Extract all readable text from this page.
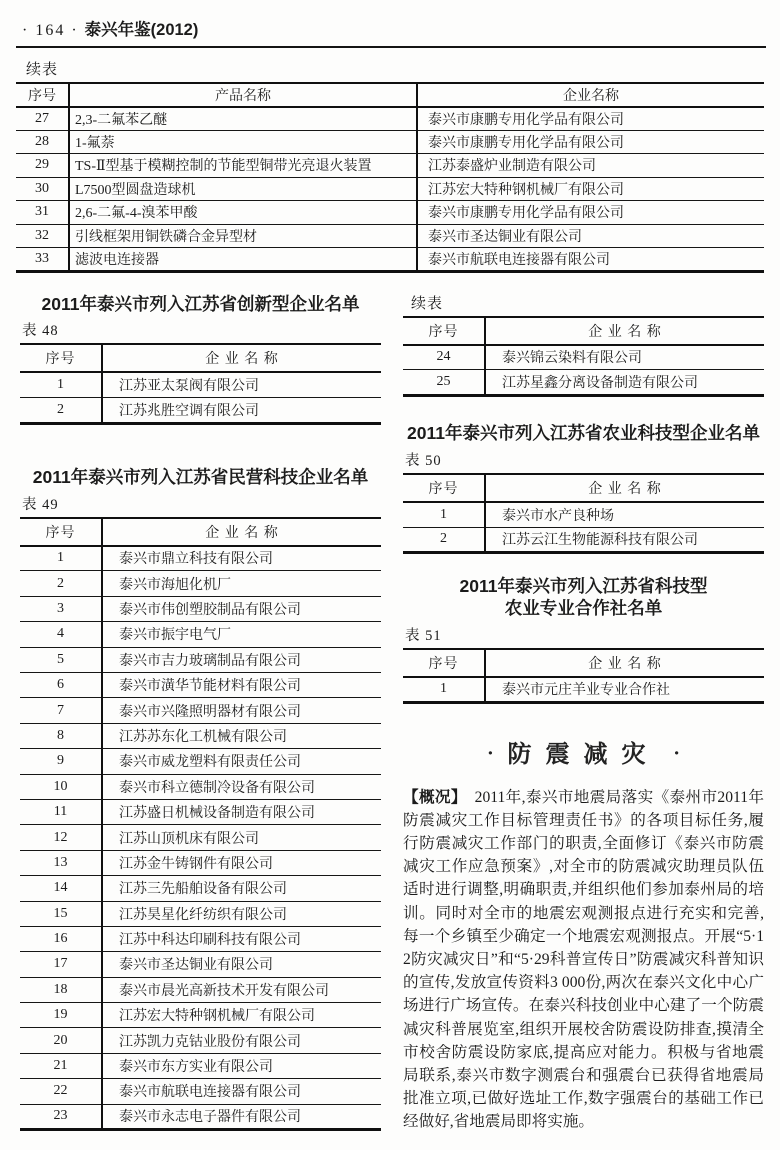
· 164 · 泰兴年鉴(2012)
续表
序号	产品名称	企业名称
27	2,3-二氟苯乙醚	泰兴市康鹏专用化学品有限公司
28	1-氟萘	泰兴市康鹏专用化学品有限公司
29	TS-Ⅱ型基于模糊控制的节能型铜带光亮退火装置	江苏泰盛炉业制造有限公司
30	L7500型圆盘造球机	江苏宏大特种钢机械厂有限公司
31	2,6-二氟-4-溴苯甲酸	泰兴市康鹏专用化学品有限公司
32	引线框架用铜铁磷合金异型材	泰兴市圣达铜业有限公司
33	滤波电连接器	泰兴市航联电连接器有限公司
2011年泰兴市列入江苏省创新型企业名单
表 48
序号	企 业 名 称
1	江苏亚太泵阀有限公司
2	江苏兆胜空调有限公司
2011年泰兴市列入江苏省民营科技企业名单
表 49
序号	企 业 名 称
1	泰兴市鼎立科技有限公司
2	泰兴市海旭化机厂
3	泰兴市伟创塑胶制品有限公司
4	泰兴市振宇电气厂
5	泰兴市吉力玻璃制品有限公司
6	泰兴市潢华节能材料有限公司
7	泰兴市兴隆照明器材有限公司
8	江苏苏东化工机械有限公司
9	泰兴市威龙塑料有限责任公司
10	泰兴市科立德制冷设备有限公司
11	江苏盛日机械设备制造有限公司
12	江苏山顶机床有限公司
13	江苏金牛铸钢件有限公司
14	江苏三先船舶设备有限公司
15	江苏昊星化纤纺织有限公司
16	江苏中科达印刷科技有限公司
17	泰兴市圣达铜业有限公司
18	泰兴市晨光高新技术开发有限公司
19	江苏宏大特种钢机械厂有限公司
20	江苏凯力克钴业股份有限公司
21	泰兴市东方实业有限公司
22	泰兴市航联电连接器有限公司
23	泰兴市永志电子器件有限公司
续表
序号	企 业 名 称
24	泰兴锦云染料有限公司
25	江苏星鑫分离设备制造有限公司
2011年泰兴市列入江苏省农业科技型企业名单
表 50
序号	企 业 名 称
1	泰兴市水产良种场
2	江苏云江生物能源科技有限公司
2011年泰兴市列入江苏省科技型
农业专业合作社名单
表 51
序号	企 业 名 称
1	泰兴市元庄羊业专业合作社
· 防震减灾 ·

【概况】  2011年,泰兴市地震局落实《泰州市2011年防震减灾工作目标管理责任书》的各项目标任务,履行防震减灾工作部门的职责,全面修订《泰兴市防震减灾工作应急预案》,对全市的防震减灾助理员队伍适时进行调整,明确职责,并组织他们参加泰州局的培训。同时对全市的地震宏观测报点进行充实和完善,每一个乡镇至少确定一个地震宏观测报点。开展“5·12防灾减灾日”和“5·29科普宣传日”防震减灾科普知识的宣传,发放宣传资料3 000份,两次在泰兴文化中心广场进行广场宣传。在泰兴科技创业中心建了一个防震减灾科普展览室,组织开展校舍防震设防排查,摸清全市校舍防震设防家底,提高应对能力。积极与省地震局联系,泰兴市数字测震台和强震台已获得省地震局批准立项,已做好选址工作,数字强震台的基础工作已经做好,省地震局即将实施。
